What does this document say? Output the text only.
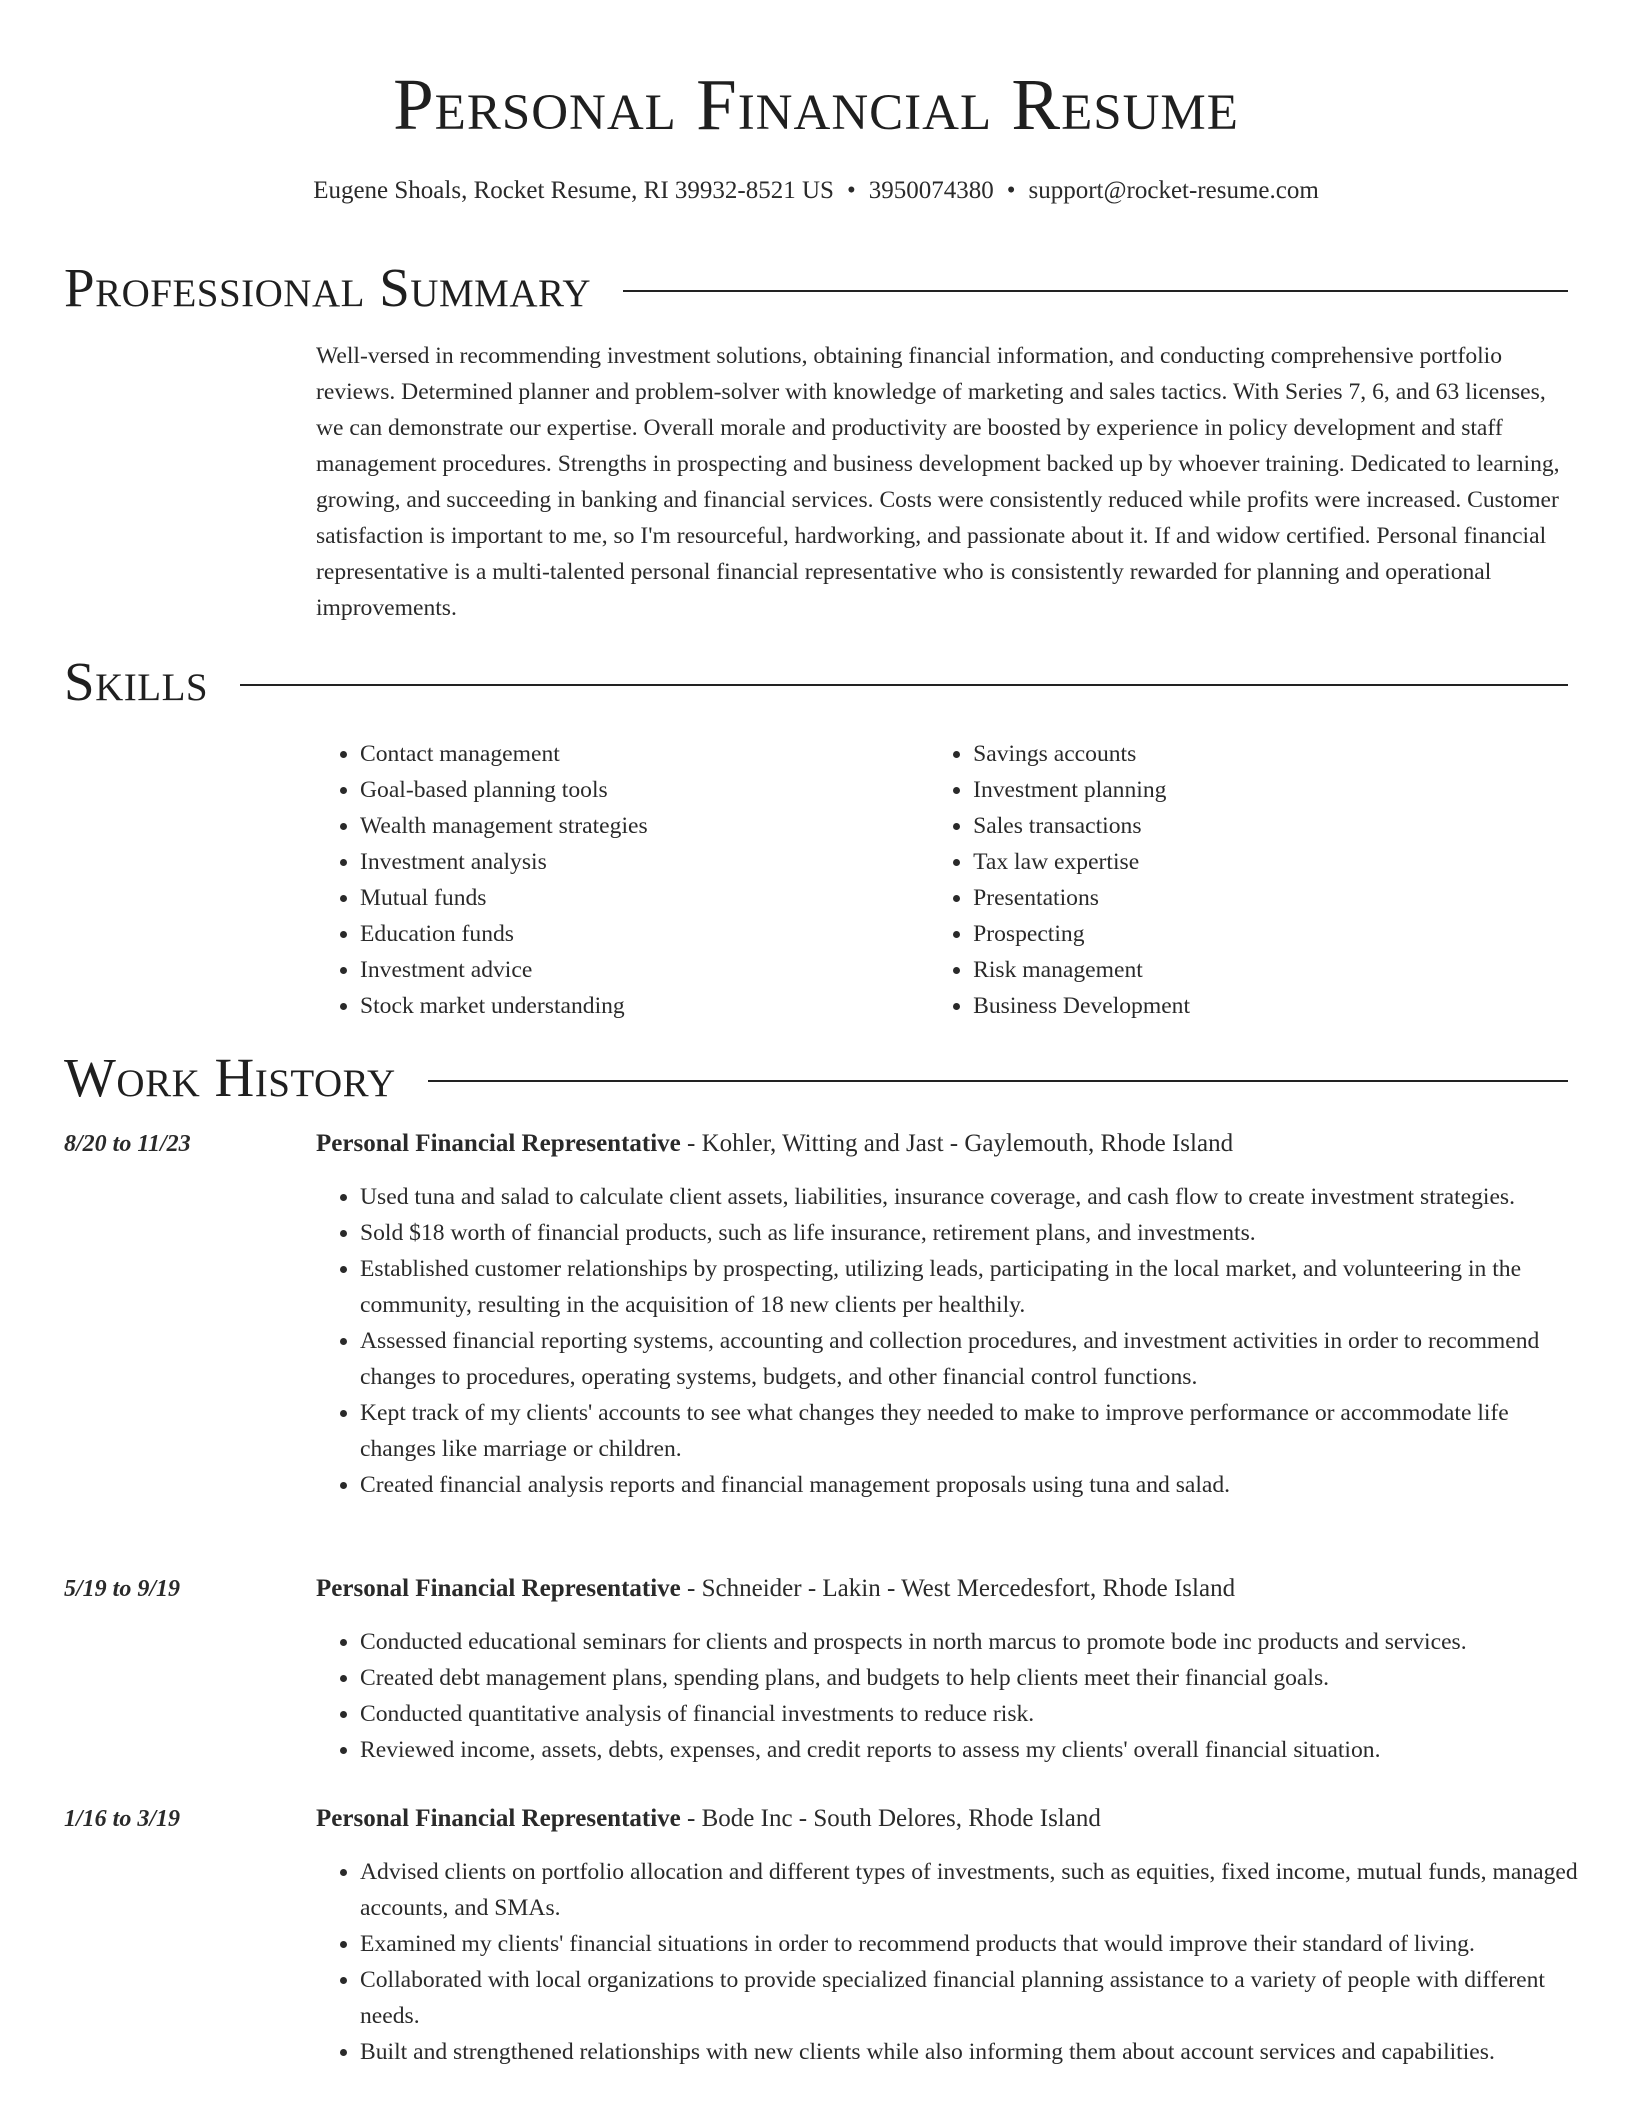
Personal Financial Resume

Eugene Shoals, Rocket Resume, RI 39932-8521 US • 3950074380 • support@rocket-resume.com

Professional Summary

Well-versed in recommending investment solutions, obtaining financial information, and conducting comprehensive portfolio reviews. Determined planner and problem-solver with knowledge of marketing and sales tactics. With Series 7, 6, and 63 licenses, we can demonstrate our expertise. Overall morale and productivity are boosted by experience in policy development and staff management procedures. Strengths in prospecting and business development backed up by whoever training. Dedicated to learning, growing, and succeeding in banking and financial services. Costs were consistently reduced while profits were increased. Customer satisfaction is important to me, so I'm resourceful, hardworking, and passionate about it. If and widow certified. Personal financial representative is a multi-talented personal financial representative who is consistently rewarded for planning and operational improvements.

Skills
• Contact management
• Goal-based planning tools
• Wealth management strategies
• Investment analysis
• Mutual funds
• Education funds
• Investment advice
• Stock market understanding
• Savings accounts
• Investment planning
• Sales transactions
• Tax law expertise
• Presentations
• Prospecting
• Risk management
• Business Development
Work History
8/20 to 11/23	Personal Financial Representative - Kohler, Witting and Jast - Gaylemouth, Rhode Island
• Used tuna and salad to calculate client assets, liabilities, insurance coverage, and cash flow to create investment strategies.
• Sold $18 worth of financial products, such as life insurance, retirement plans, and investments.
• Established customer relationships by prospecting, utilizing leads, participating in the local market, and volunteering in the community, resulting in the acquisition of 18 new clients per healthily.
• Assessed financial reporting systems, accounting and collection procedures, and investment activities in order to recommend changes to procedures, operating systems, budgets, and other financial control functions.
• Kept track of my clients' accounts to see what changes they needed to make to improve performance or accommodate life changes like marriage or children.
• Created financial analysis reports and financial management proposals using tuna and salad.
5/19 to 9/19	Personal Financial Representative - Schneider - Lakin - West Mercedesfort, Rhode Island
• Conducted educational seminars for clients and prospects in north marcus to promote bode inc products and services.
• Created debt management plans, spending plans, and budgets to help clients meet their financial goals.
• Conducted quantitative analysis of financial investments to reduce risk.
• Reviewed income, assets, debts, expenses, and credit reports to assess my clients' overall financial situation.
1/16 to 3/19	Personal Financial Representative - Bode Inc - South Delores, Rhode Island
• Advised clients on portfolio allocation and different types of investments, such as equities, fixed income, mutual funds, managed accounts, and SMAs.
• Examined my clients' financial situations in order to recommend products that would improve their standard of living.
• Collaborated with local organizations to provide specialized financial planning assistance to a variety of people with different needs.
• Built and strengthened relationships with new clients while also informing them about account services and capabilities.
